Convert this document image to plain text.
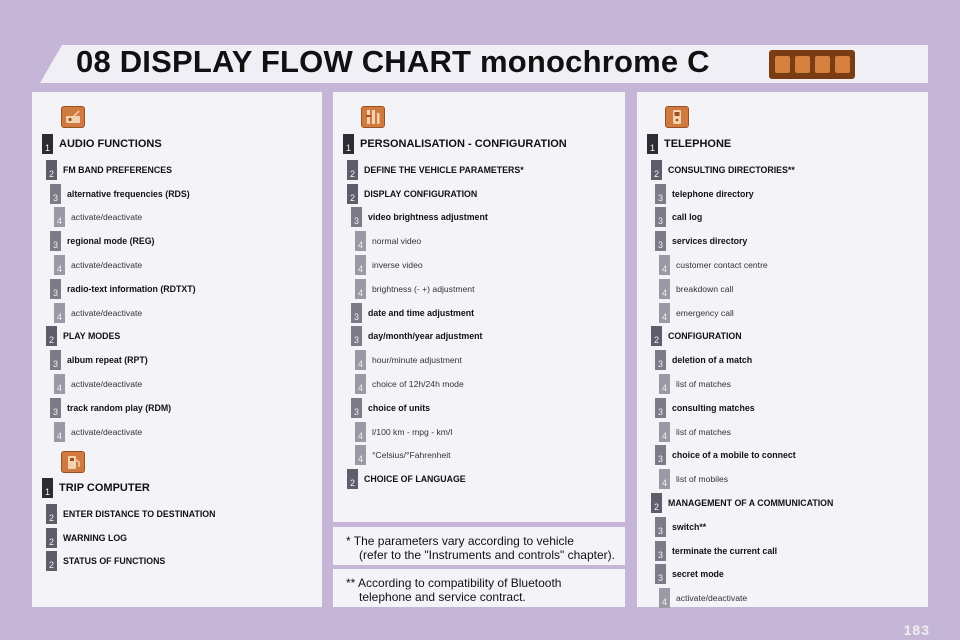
08 DISPLAY FLOW CHART monochrome C
1 AUDIO FUNCTIONS
2	FM BAND PREFERENCES
3	alternative frequencies (RDS)
4	activate/deactivate
3	regional mode (REG)
4	activate/deactivate
3	radio-text information (RDTXT)
4	activate/deactivate
2	PLAY MODES
3	album repeat (RPT)
4	activate/deactivate
3	track random play (RDM)
4	activate/deactivate
1 TRIP COMPUTER
2	ENTER DISTANCE TO DESTINATION
2	WARNING LOG
2	STATUS OF FUNCTIONS
1 PERSONALISATION - CONFIGURATION
2	DEFINE THE VEHICLE PARAMETERS*
2	DISPLAY CONFIGURATION
3	video brightness adjustment
4	normal video
4	inverse video
4	brightness (- +) adjustment
3	date and time adjustment
3	day/month/year adjustment
4	hour/minute adjustment
4	choice of 12h/24h mode
3	choice of units
4	l/100 km - mpg - km/l
4	°Celsius/°Fahrenheit
2	CHOICE OF LANGUAGE
1 TELEPHONE
2	CONSULTING DIRECTORIES**
3	telephone directory
3	call log
3	services directory
4	customer contact centre
4	breakdown call
4	emergency call
2	CONFIGURATION
3	deletion of a match
4	list of matches
3	consulting matches
4	list of matches
3	choice of a mobile to connect
4	list of mobiles
2	MANAGEMENT OF A COMMUNICATION
3	switch**
3	terminate the current call
3	secret mode
4	activate/deactivate
* The parameters vary according to vehicle
(refer to the "Instruments and controls" chapter).
** According to compatibility of Bluetooth
telephone and service contract.
183
